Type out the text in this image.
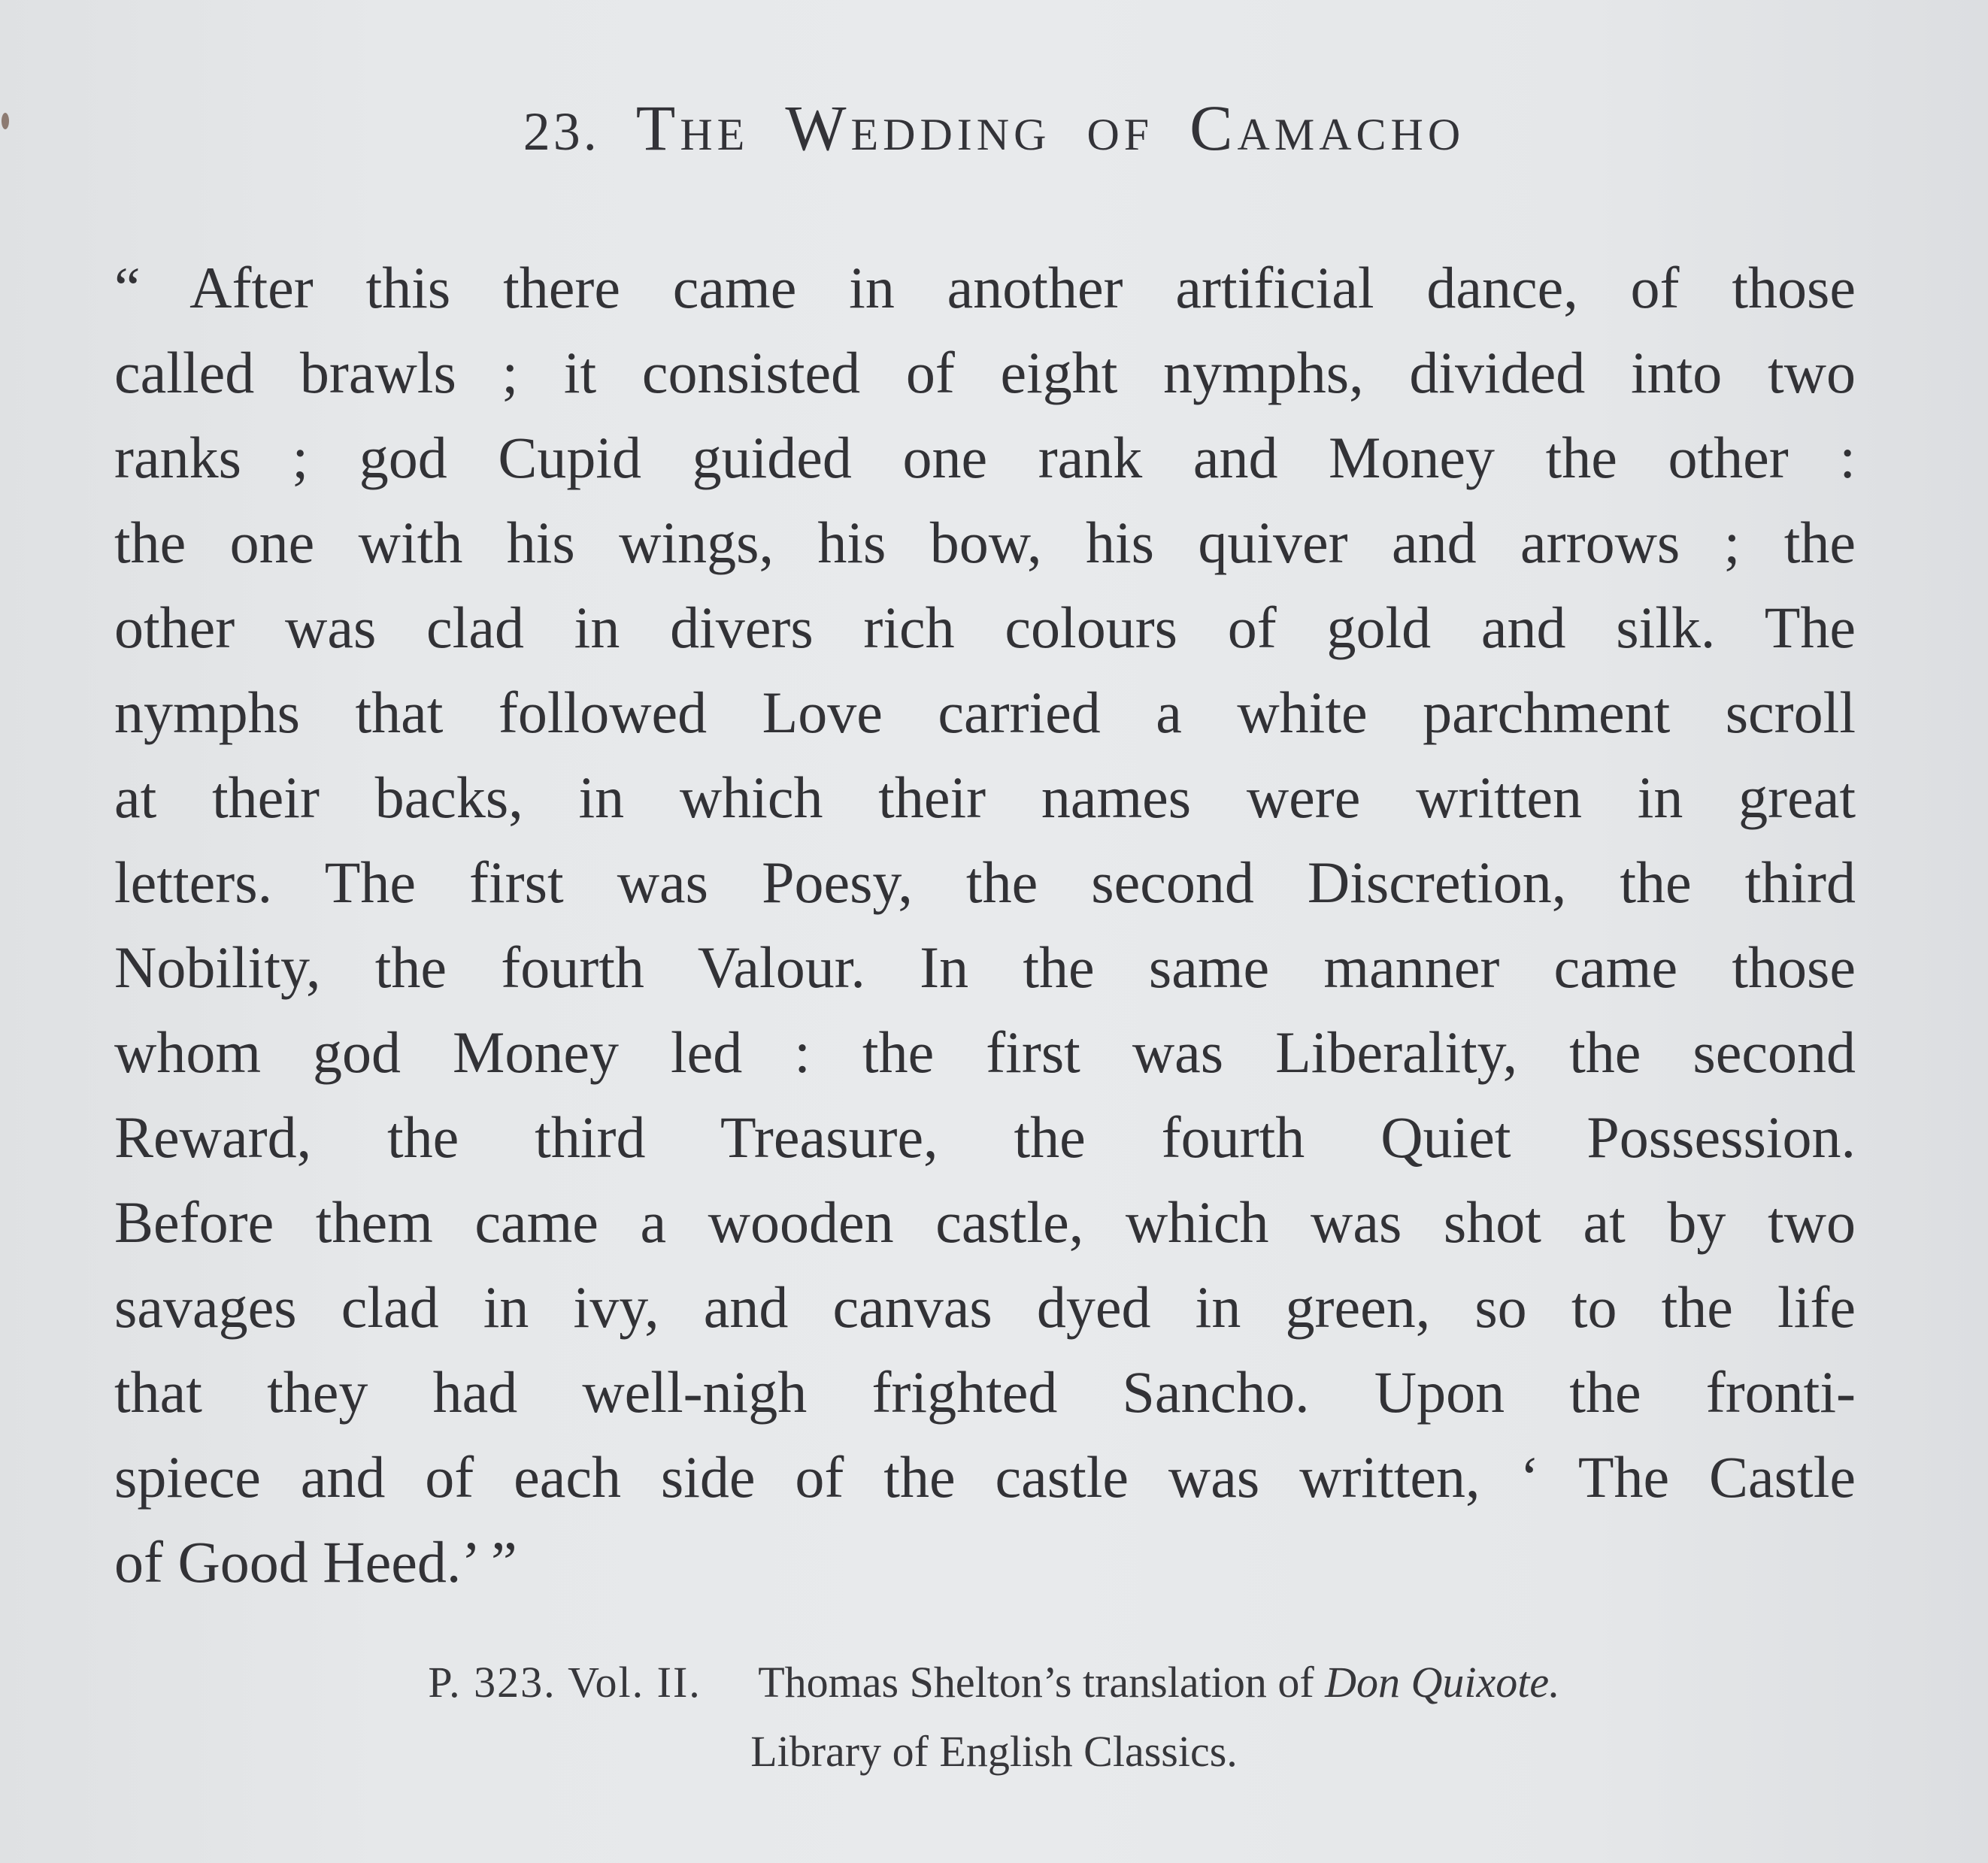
23. THE WEDDING OF CAMACHO
“ After this there came in another artificial dance, of those
called brawls ; it consisted of eight nymphs, divided into two
ranks ; god Cupid guided one rank and Money the other :
the one with his wings, his bow, his quiver and arrows ; the
other was clad in divers rich colours of gold and silk. The
nymphs that followed Love carried a white parchment scroll
at their backs, in which their names were written in great
letters. The first was Poesy, the second Discretion, the third
Nobility, the fourth Valour. In the same manner came those
whom god Money led : the first was Liberality, the second
Reward, the third Treasure, the fourth Quiet Possession.
Before them came a wooden castle, which was shot at by two
savages clad in ivy, and canvas dyed in green, so to the life
that they had well-nigh frighted Sancho. Upon the fronti-
spiece and of each side of the castle was written, ‘ The Castle
of Good Heed.’ ”
P. 323. Vol. II. Thomas Shelton’s translation of Don Quixote.
Library of English Classics.
